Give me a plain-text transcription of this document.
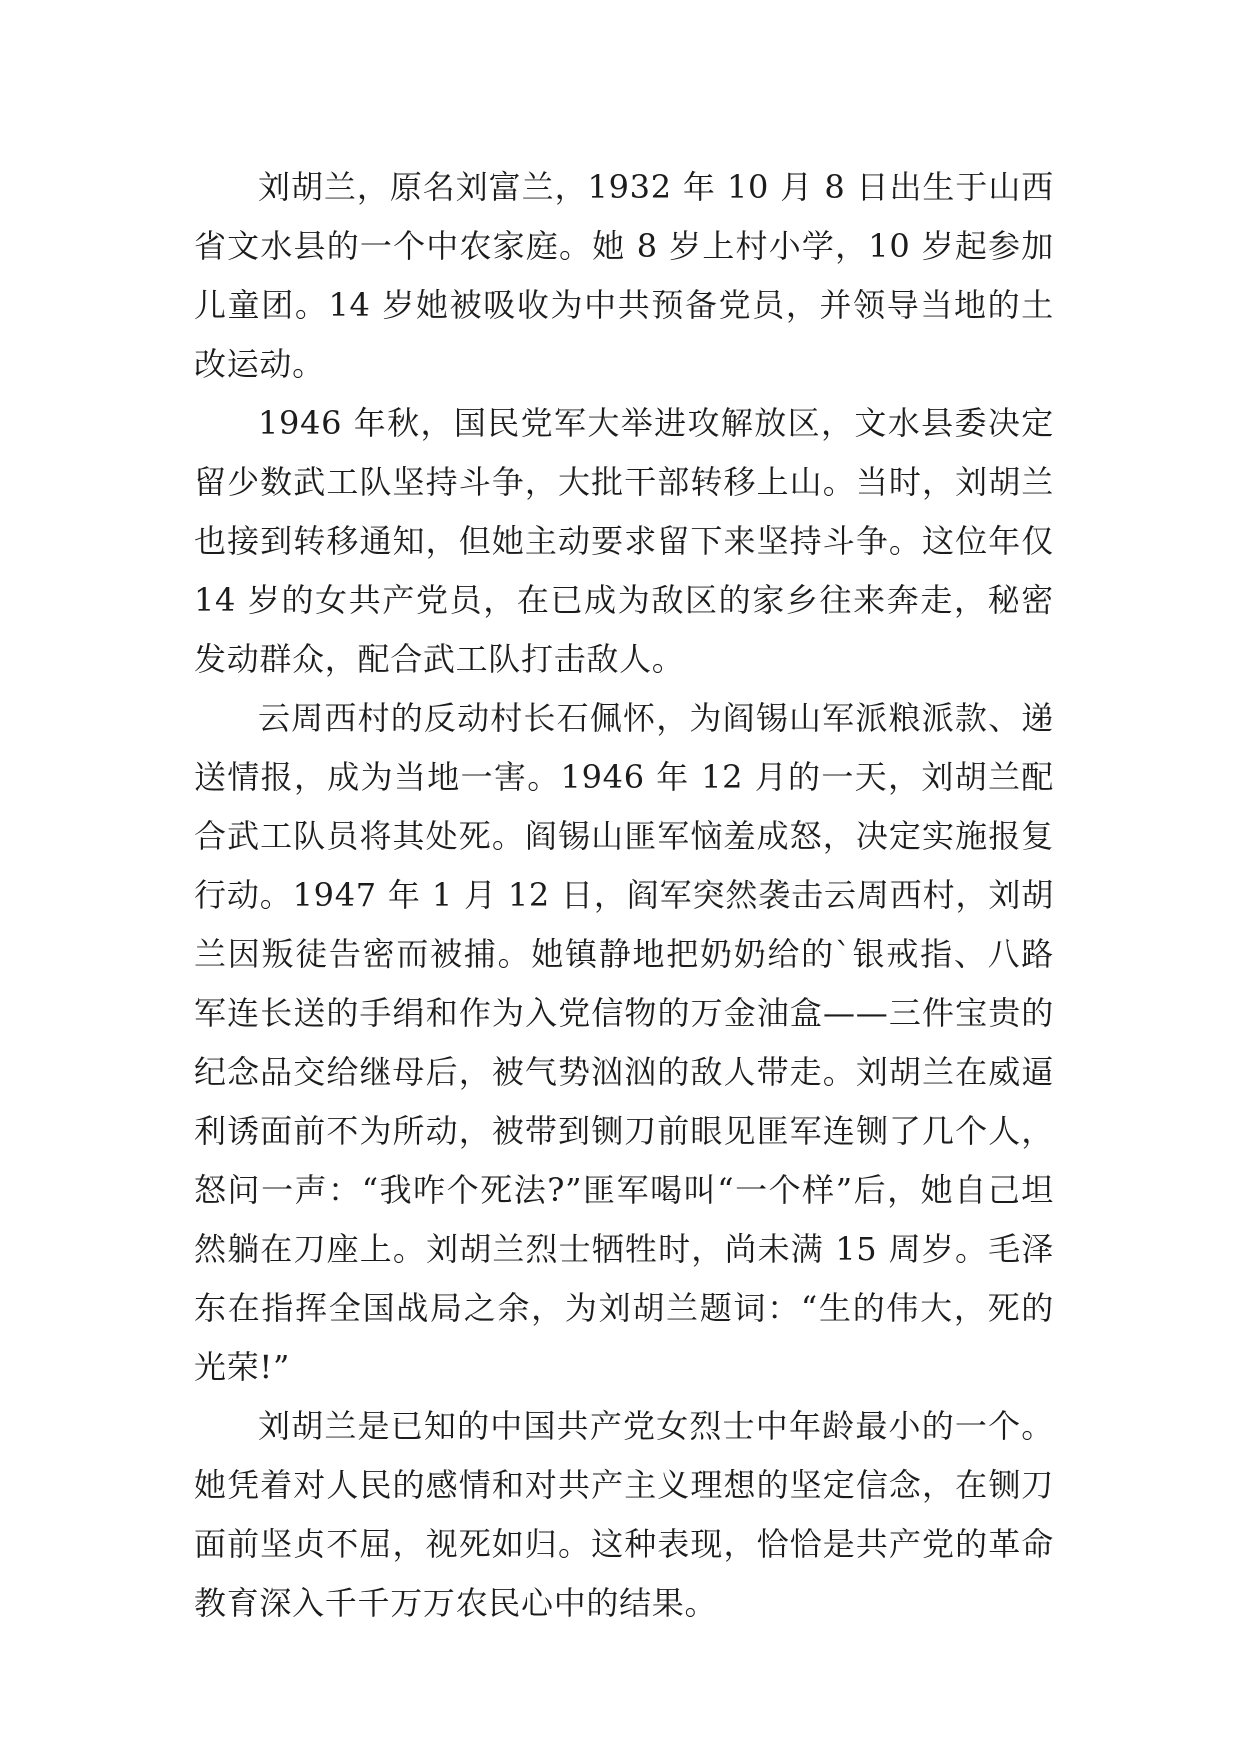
刘胡兰，原名刘富兰，1932 年 10 月 8 日出生于山西省文水县的一个中农家庭。她 8 岁上村小学，10 岁起参加儿童团。14 岁她被吸收为中共预备党员，并领导当地的土改运动。

1946 年秋，国民党军大举进攻解放区，文水县委决定留少数武工队坚持斗争，大批干部转移上山。当时，刘胡兰也接到转移通知，但她主动要求留下来坚持斗争。这位年仅 14 岁的女共产党员，在已成为敌区的家乡往来奔走，秘密发动群众，配合武工队打击敌人。

云周西村的反动村长石佩怀，为阎锡山军派粮派款、递送情报，成为当地一害。1946 年 12 月的一天，刘胡兰配合武工队员将其处死。阎锡山匪军恼羞成怒，决定实施报复行动。1947 年 1 月 12 日，阎军突然袭击云周西村，刘胡兰因叛徒告密而被捕。她镇静地把奶奶给的`银戒指、八路军连长送的手绢和作为入党信物的万金油盒——三件宝贵的纪念品交给继母后，被气势汹汹的敌人带走。刘胡兰在威逼利诱面前不为所动，被带到铡刀前眼见匪军连铡了几个人，怒问一声：“我咋个死法?”匪军喝叫“一个样”后，她自己坦然躺在刀座上。刘胡兰烈士牺牲时，尚未满 15 周岁。毛泽东在指挥全国战局之余，为刘胡兰题词：“生的伟大，死的光荣!”

刘胡兰是已知的中国共产党女烈士中年龄最小的一个。她凭着对人民的感情和对共产主义理想的坚定信念，在铡刀面前坚贞不屈，视死如归。这种表现，恰恰是共产党的革命教育深入千千万万农民心中的结果。
